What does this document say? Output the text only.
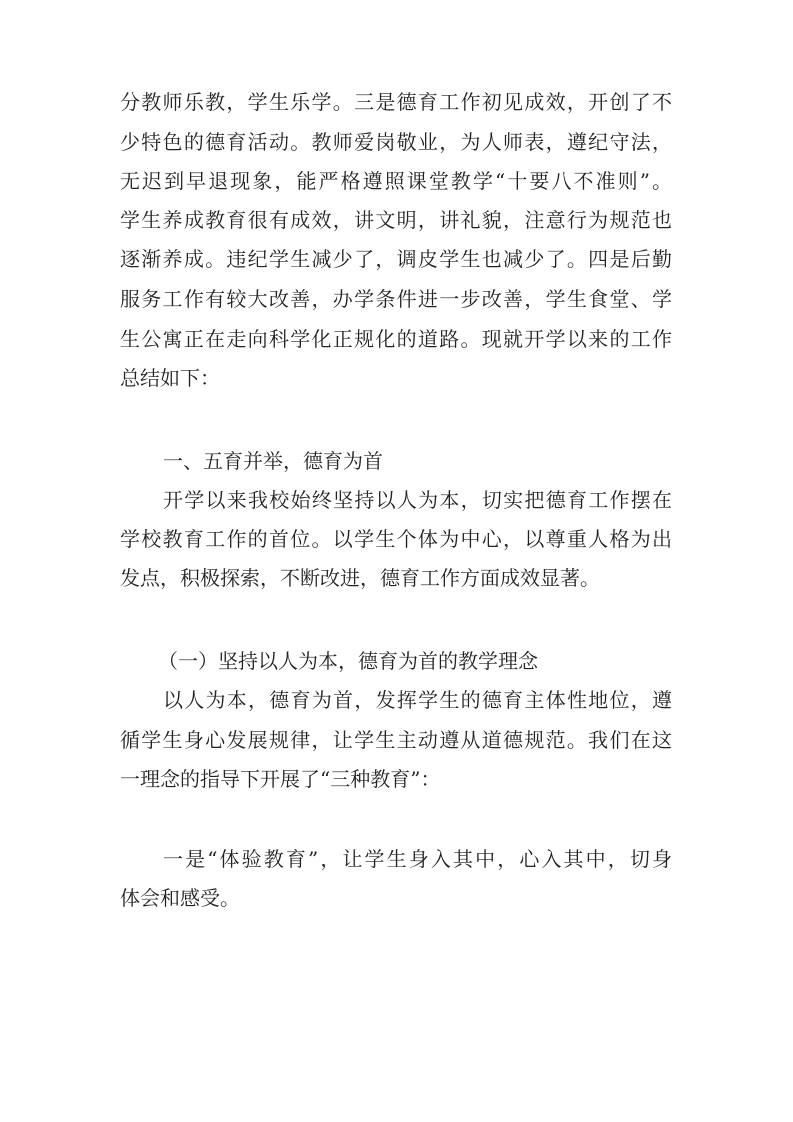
分教师乐教，学生乐学。三是德育工作初见成效，开创了不
少特色的德育活动。教师爱岗敬业，为人师表，遵纪守法，
无迟到早退现象，能严格遵照课堂教学“十要八不准则”。
学生养成教育很有成效，讲文明，讲礼貌，注意行为规范也
逐渐养成。违纪学生减少了，调皮学生也减少了。四是后勤
服务工作有较大改善，办学条件进一步改善，学生食堂、学
生公寓正在走向科学化正规化的道路。现就开学以来的工作
总结如下：
一、五育并举，德育为首
开学以来我校始终坚持以人为本，切实把德育工作摆在
学校教育工作的首位。以学生个体为中心，以尊重人格为出
发点，积极探索，不断改进，德育工作方面成效显著。
（一）坚持以人为本，德育为首的教学理念
以人为本，德育为首，发挥学生的德育主体性地位，遵
循学生身心发展规律，让学生主动遵从道德规范。我们在这
一理念的指导下开展了“三种教育”：
一是“体验教育”，让学生身入其中，心入其中，切身
体会和感受。
